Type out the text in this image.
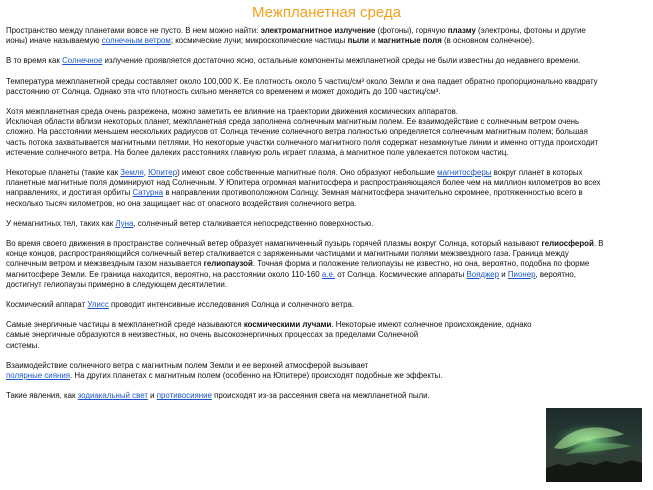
Межпланетная среда

Пространство между планетами вовсе не пусто. В нем можно найти: электромагнитное излучение (фотоны), горячую плазму (электроны, фотоны и другие ионы) иначе называемую солнечным ветром; космические лучи; микроскопические частицы пыли и магнитные поля (в основном солнечное).

В то время как Солнечное излучение проявляется достаточно ясно, остальные компоненты межпланетной среды не были известны до недавнего времени.

Температура межпланетной среды составляет около 100,000 K. Ее плотность около 5 частиц/см³ около Земли и она падает обратно пропорционально квадрату расстоянию от Солнца. Однако эта что плотность сильно меняется со временем и может доходить до 100 частиц/см³.

Хотя межпланетная среда очень разрежена, можно заметить ее влияние на траектории движения космических аппаратов.
Исключая области вблизи некоторых планет, межпланетная среда заполнена солнечным магнитным полем. Ее взаимодействие с солнечным ветром очень сложно. На расстоянии меньшем нескольких радиусов от Солнца течение солнечного ветра полностью определяется солнечным магнитным полем; большая часть потока захватывается магнитными петлями. Но некоторые участки солнечного магнитного поля содержат незамкнутые линии и именно оттуда происходит истечение солнечного ветра. На более далеких расстояниях главную роль играет плазма, а магнитное поле увлекается потоком частиц.

Некоторые планеты (такие как Земля, Юпитер) имеют свое собственные магнитные поля. Оно образуют небольшие магнитосферы вокруг планет в которых планетные магнитные поля доминируют над Солнечным. У Юпитера огромная магнитосфера и распространяющаяся более чем на миллион километров во всех направлениях, и достигая орбиты Сатурна в направлении противоположном Солнцу. Земная магнитосфера значительно скромнее, протяженностью всего в несколько тысяч километров, но она защищает нас от опасного воздействия солнечного ветра.

У немагнитных тел, таких как Луна, солнечный ветер сталкивается непосредственно поверхностью.

Во время своего движения в пространстве солнечный ветер образует намагниченный пузырь горячей плазмы вокруг Солнца, который называют гелиосферой. В конце концов, распространяющийся солнечный ветер сталкивается с заряженными частицами и магнитными полями межзвездного газа. Граница между солнечным ветром и межзвездным газом называется гелиопаузой. Точная форма и положение гелиопаузы не известно, но она, вероятно, подобна по форме магнитосфере Земли. Ее граница находится, вероятно, на расстоянии около 110-160 а.е. от Солнца. Космические аппараты Вояджер и Пионер, вероятно, достигнут гелиопаузы примерно в следующем десятилетии.

Космический аппарат Улисс проводит интенсивные исследования Солнца и солнечного ветра.

Самые энергичные частицы в межпланетной среде называются космическими лучами. Некоторые имеют солнечное происхождение, однако самые энергичные образуются в неизвестных, но очень высокоэнергичных процессах за пределами Солнечной
системы.

Взаимодействие солнечного ветра с магнитным полем Земли и ее верхней атмосферой вызывает
полярные сияния. На других планетах с магнитным полем (особенно на Юпитере) происходят подобные же эффекты.

Такие явления, как зодиакальный свет и противосияние происходят из-за рассеяния света на межпланетной пыли.
